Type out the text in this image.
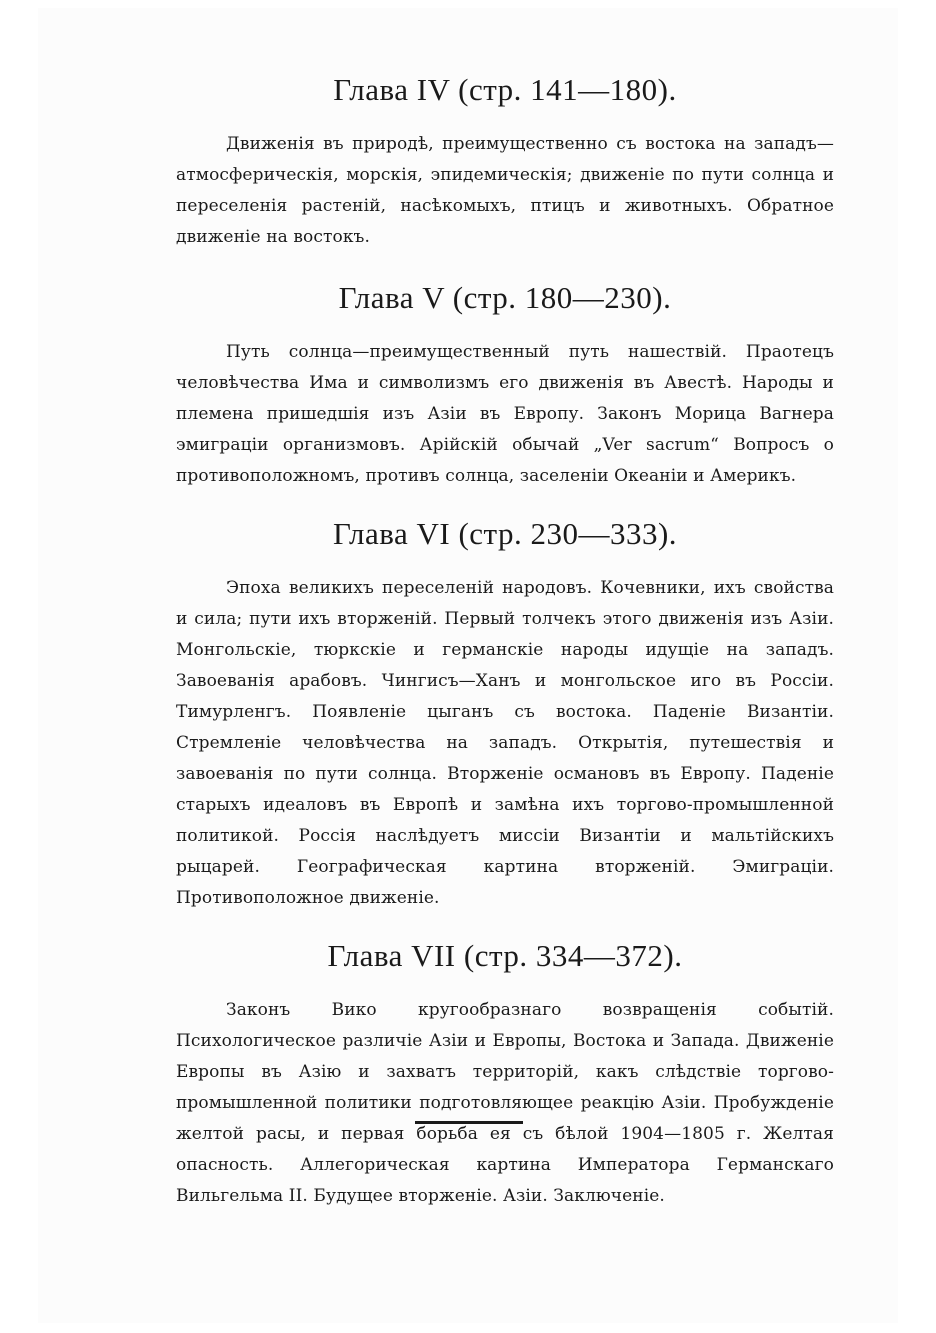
Глава IV (стр. 141—180).

Движенія въ природѣ, преимущественно съ востока на западъ—атмосферическія, морскія, эпидемическія; движеніе по пути солнца и переселенія растеній, насѣкомыхъ, птицъ и животныхъ. Обратное движеніе на востокъ.

Глава V (стр. 180—230).

Путь солнца—преимущественный путь нашествій. Праотецъ человѣчества Има и символизмъ его движенія въ Авестѣ. Народы и племена пришедшія изъ Азіи въ Европу. Законъ Морица Вагнера эмиграціи организмовъ. Арійскій обычай „Ver sacrum“ Вопросъ о противоположномъ, противъ солнца, заселеніи Океаніи и Америкъ.

Глава VI (стр. 230—333).

Эпоха великихъ переселеній народовъ. Кочевники, ихъ свойства и сила; пути ихъ вторженій. Первый толчекъ этого движенія изъ Азіи. Монгольскіе, тюркскіе и германскіе народы идущіе на западъ. Завоеванія арабовъ. Чингисъ—Ханъ и монгольское иго въ Россіи. Тимурленгъ. Появленіе цыганъ съ востока. Паденіе Византіи. Стремленіе человѣчества на западъ. Открытія, путешествія и завоеванія по пути солнца. Вторженіе османовъ въ Европу. Паденіе старыхъ идеаловъ въ Европѣ и замѣна ихъ торгово-промышленной политикой. Россія наслѣдуетъ миссіи Византіи и мальтійскихъ рыцарей. Географическая картина вторженій. Эмиграціи. Противоположное движеніе.

Глава VII (стр. 334—372).

Законъ Вико кругообразнаго возвращенія событій. Психологическое различіе Азіи и Европы, Востока и Запада. Движеніе Европы въ Азію и захватъ территорій, какъ слѣдствіе торгово-промышленной политики подготовляющее реакцію Азіи. Пробужденіе желтой расы, и первая борьба ея съ бѣлой 1904—1805 г. Желтая опасность. Аллегорическая картина Императора Германскаго Вильгельма II. Будущее вторженіе. Азіи. Заключеніе.
